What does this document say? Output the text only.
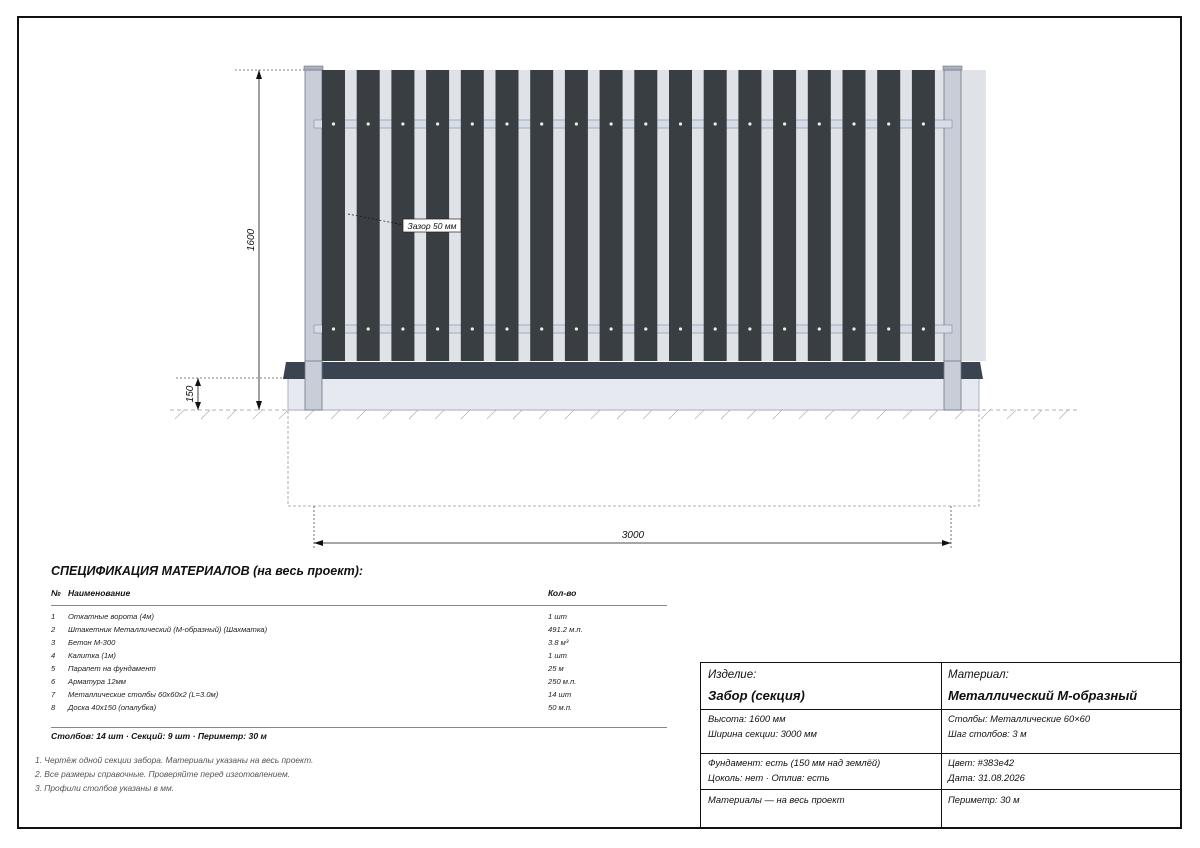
Зазор 50 мм
1600
150
3000
СПЕЦИФИКАЦИЯ МАТЕРИАЛОВ (на весь проект):
№ Наименование	Кол-во
1 Откатные ворота (4м)	1 шт
2 Штакетник Металлический (М-образный) (Шахматка)	491.2 м.п.
3 Бетон М-300	3.8 м³
4 Калитка (1м)	1 шт
5 Парапет на фундамент	25 м
6 Арматура 12мм	250 м.п.
7 Металлические столбы 60х60х2 (L=3.0м)	14 шт
8 Доска 40х150 (опалубка)	50 м.п.
Столбов: 14 шт · Секций: 9 шт · Периметр: 30 м
1. Чертёж одной секции забора. Материалы указаны на весь проект.
2. Все размеры справочные. Проверяйте перед изготовлением.
3. Профили столбов указаны в мм.
Изделие:
Забор (секция)
Материал:
Металлический М-образный
Высота: 1600 мм
Ширина секции: 3000 мм
Столбы: Металлические 60×60
Шаг столбов: 3 м
Фундамент: есть (150 мм над землёй)
Цоколь: нет · Отлив: есть
Цвет: #383e42
Дата: 31.08.2026
Материалы — на весь проект	Периметр: 30 м
